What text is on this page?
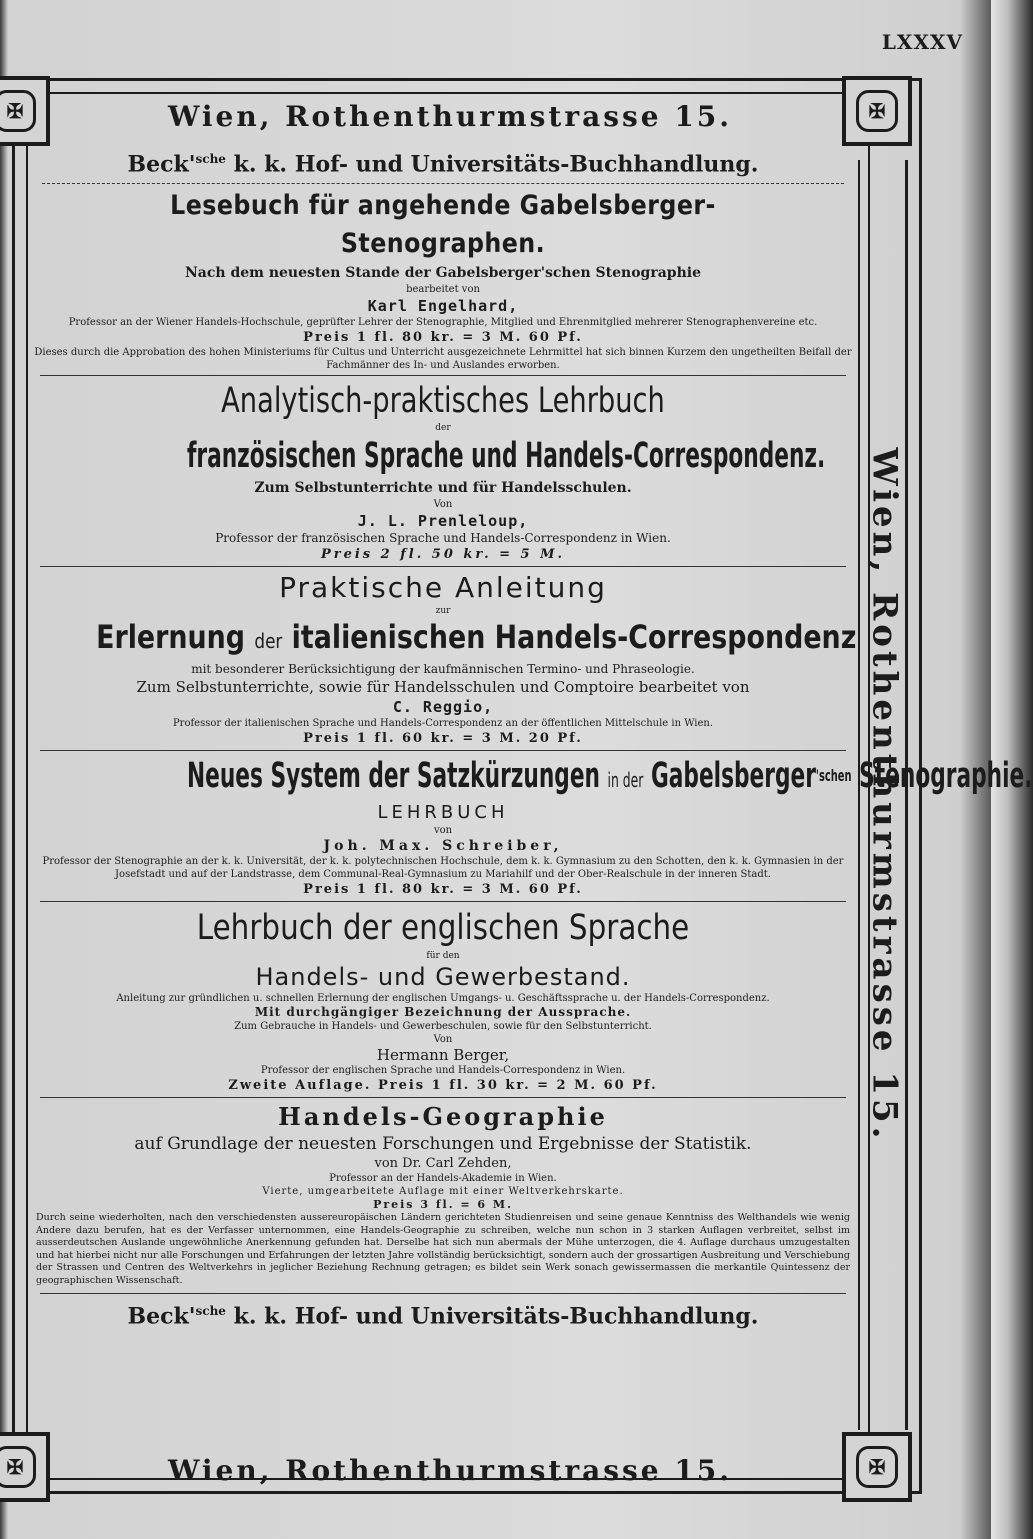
LXXXV
Wien, Rothenthurmstrasse 15.
✠	✠
✠	✠
Wien, Rothenthurmstrasse 15.
Wien, Rothenthurmstrasse 15.
$Beck'^{sche}$ k. k. Hof- und Universitäts-Buchhandlung.
Lesebuch für angehende Gabelsberger-Stenographen.
Nach dem neuesten Stande der Gabelsberger'schen Stenographie
bearbeitet von
Karl Engelhard,
Professor an der Wiener Handels-Hochschule, geprüfter Lehrer der Stenographie, Mitglied und Ehrenmitglied mehrerer Stenographenvereine etc.
Preis 1 fl. 80 kr. = 3 M. 60 Pf.
Dieses durch die Approbation des hohen Ministeriums für Cultus und Unterricht ausgezeichnete Lehrmittel hat sich binnen Kurzem den ungetheilten Beifall der Fachmänner des In- und Auslandes erworben.
Analytisch-praktisches Lehrbuch
der
französischen Sprache und Handels-Correspondenz.
Zum Selbstunterrichte und für Handelsschulen.
Von
J. L. Prenleloup,
Professor der französischen Sprache und Handels-Correspondenz in Wien.
Preis 2 fl. 50 kr. = 5 M.
Praktische Anleitung
zur
Erlernung der italienischen Handels-Correspondenz
mit besonderer Berücksichtigung der kaufmännischen Termino- und Phraseologie.
Zum Selbstunterrichte, sowie für Handelsschulen und Comptoire bearbeitet von
C. Reggio,
Professor der italienischen Sprache und Handels-Correspondenz an der öffentlichen Mittelschule in Wien.
Preis 1 fl. 60 kr. = 3 M. 20 Pf.
Neues System der Satzkürzungen in der Gabelsberger$^{'schen}$ Stenographie.
LEHRBUCH
von
Joh. Max. Schreiber,
Professor der Stenographie an der k. k. Universität, der k. k. polytechnischen Hochschule, dem k. k. Gymnasium zu den Schotten, den k. k. Gymnasien in der Josefstadt und auf der Landstrasse, dem Communal-Real-Gymnasium zu Mariahilf und der Ober-Realschule in der inneren Stadt.
Preis 1 fl. 80 kr. = 3 M. 60 Pf.
Lehrbuch der englischen Sprache
für den
Handels- und Gewerbestand.
Anleitung zur gründlichen u. schnellen Erlernung der englischen Umgangs- u. Geschäftssprache u. der Handels-Correspondenz.
Mit durchgängiger Bezeichnung der Aussprache.
Zum Gebrauche in Handels- und Gewerbeschulen, sowie für den Selbstunterricht.
Von
Hermann Berger,
Professor der englischen Sprache und Handels-Correspondenz in Wien.
Zweite Auflage. Preis 1 fl. 30 kr. = 2 M. 60 Pf.
Handels-Geographie
auf Grundlage der neuesten Forschungen und Ergebnisse der Statistik.
von Dr. Carl Zehden,
Professor an der Handels-Akademie in Wien.
Vierte, umgearbeitete Auflage mit einer Weltverkehrskarte.
Preis 3 fl. = 6 M.
Durch seine wiederholten, nach den verschiedensten aussereuropäischen Ländern gerichteten Studienreisen und seine genaue Kenntniss des Welthandels wie wenig Andere dazu berufen, hat es der Verfasser unternommen, eine Handels-Geographie zu schreiben, welche nun schon in 3 starken Auflagen verbreitet, selbst im ausserdeutschen Auslande ungewöhnliche Anerkennung gefunden hat. Derselbe hat sich nun abermals der Mühe unterzogen, die 4. Auflage durchaus umzugestalten und hat hierbei nicht nur alle Forschungen und Erfahrungen der letzten Jahre vollständig berücksichtigt, sondern auch der grossartigen Ausbreitung und Verschiebung der Strassen und Centren des Weltverkehrs in jeglicher Beziehung Rechnung getragen; es bildet sein Werk sonach gewissermassen die merkantile Quintessenz der geographischen Wissenschaft.
$Beck'^{sche}$ k. k. Hof- und Universitäts-Buchhandlung.
